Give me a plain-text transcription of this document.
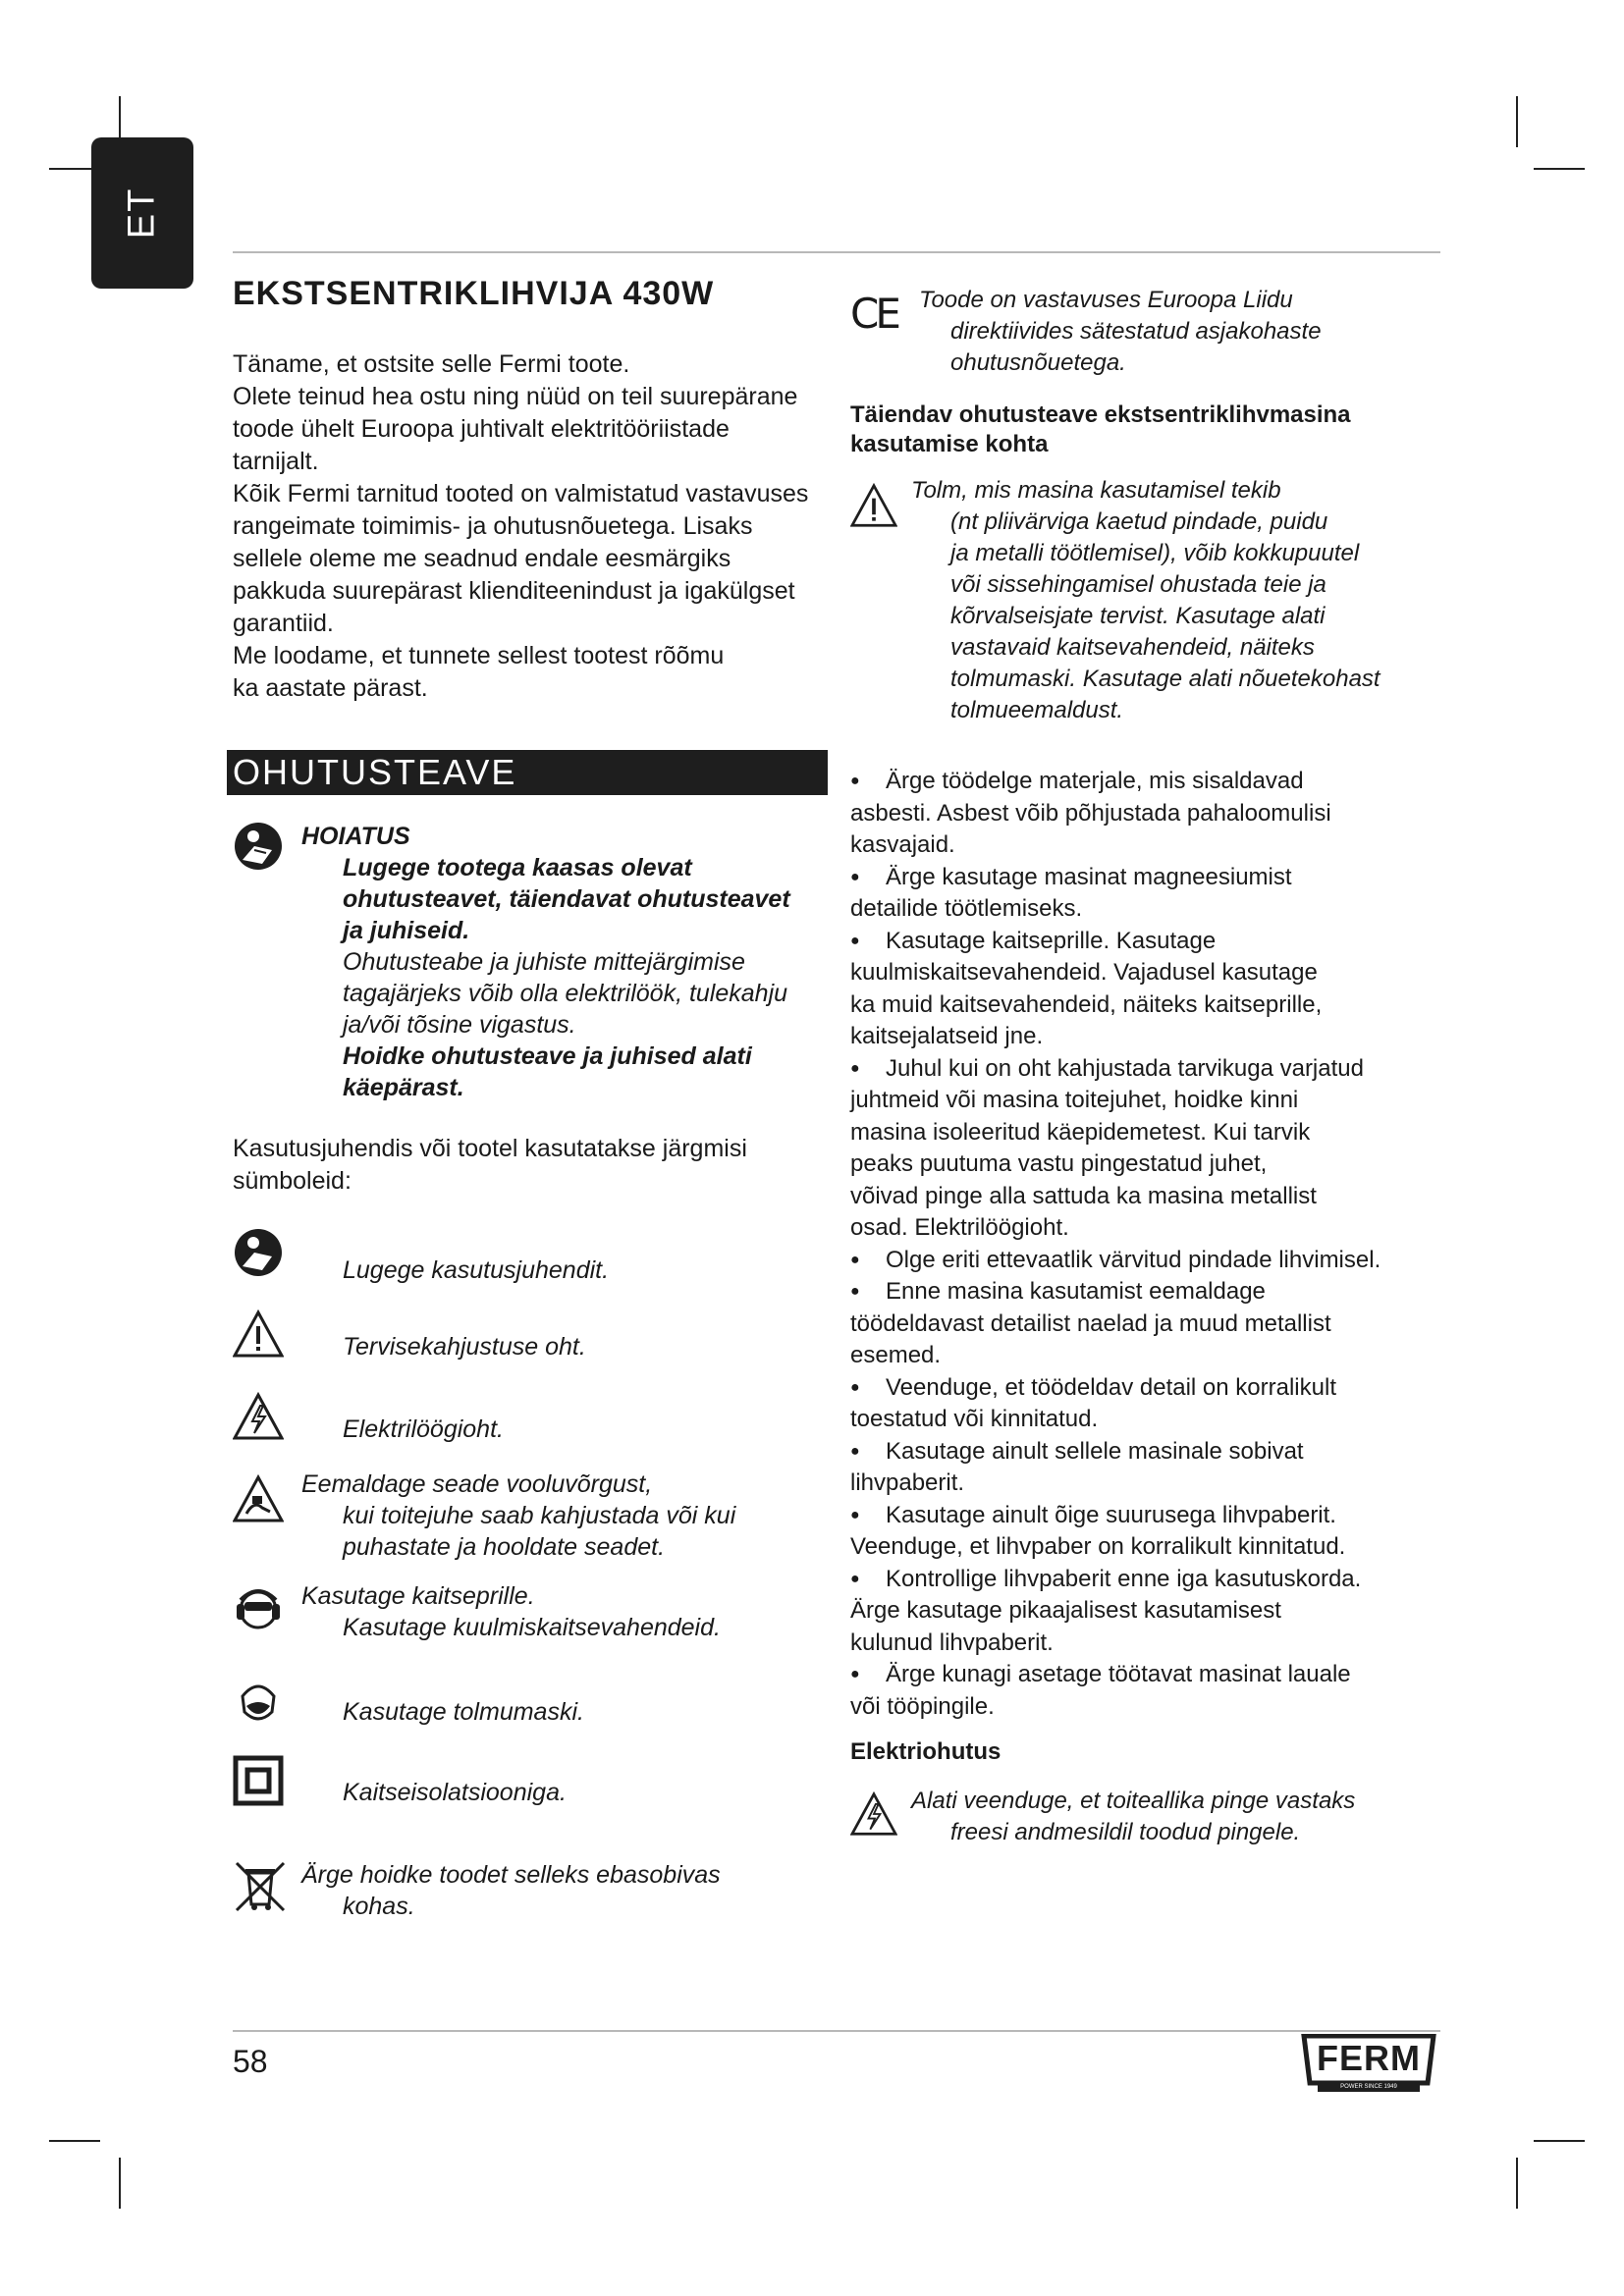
ET
EKSTSENTRIKLIHVIJA 430W

Täname, et ostsite selle Fermi toote.

Olete teinud hea ostu ning nüüd on teil suurepärane

toode ühelt Euroopa juhtivalt elektritööriistade

tarnijalt.

Kõik Fermi tarnitud tooted on valmistatud vastavuses

rangeimate toimimis- ja ohutusnõuetega. Lisaks

sellele oleme me seadnud endale eesmärgiks

pakkuda suurepärast klienditeenindust ja igakülgset

garantiid.

Me loodame, et tunnete sellest tootest rõõmu

ka aastate pärast.

OHUTUSTEAVE
HOIATUS
Lugege tootega kaasas olevat
ohutusteavet, täiendavat ohutusteavet
ja juhiseid.
Ohutusteabe ja juhiste mittejärgimise
tagajärjeks võib olla elektrilöök, tulekahju
ja/või tõsine vigastus.
Hoidke ohutusteave ja juhised alati
käepärast.
Kasutusjuhendis või tootel kasutatakse järgmisi
sümboleid:
Lugege kasutusjuhendit.
Tervisekahjustuse oht.
Elektrilöögioht.
Eemaldage seade vooluvõrgust,
kui toitejuhe saab kahjustada või kui
puhastate ja hooldate seadet.
Kasutage kaitseprille.
Kasutage kuulmiskaitsevahendeid.
Kasutage tolmumaski.
Kaitseisolatsiooniga.
Ärge hoidke toodet selleks ebasobivas
kohas.
CE Toode on vastavuses Euroopa Liidu
direktiivides sätestatud asjakohaste
ohutusnõuetega.
Täiendav ohutusteave ekstsentriklihvmasina
kasutamise kohta
Tolm, mis masina kasutamisel tekib
(nt pliivärviga kaetud pindade, puidu
ja metalli töötlemisel), võib kokkupuutel
või sissehingamisel ohustada teie ja
kõrvalseisjate tervist. Kasutage alati
vastavaid kaitsevahendeid, näiteks
tolmumaski. Kasutage alati nõuetekohast
tolmueemaldust.
● Ärge töödelge materjale, mis sisaldavad
asbesti. Asbest võib põhjustada pahaloomulisi
kasvajaid.
● Ärge kasutage masinat magneesiumist
detailide töötlemiseks.
● Kasutage kaitseprille. Kasutage
kuulmiskaitsevahendeid. Vajadusel kasutage
ka muid kaitsevahendeid, näiteks kaitseprille,
kaitsejalatseid jne.
● Juhul kui on oht kahjustada tarvikuga varjatud
juhtmeid või masina toitejuhet, hoidke kinni
masina isoleeritud käepidemetest. Kui tarvik
peaks puutuma vastu pingestatud juhet,
võivad pinge alla sattuda ka masina metallist
osad. Elektrilöögioht.
● Olge eriti ettevaatlik värvitud pindade lihvimisel.
● Enne masina kasutamist eemaldage
töödeldavast detailist naelad ja muud metallist
esemed.
● Veenduge, et töödeldav detail on korralikult
toestatud või kinnitatud.
● Kasutage ainult sellele masinale sobivat
lihvpaberit.
● Kasutage ainult õige suurusega lihvpaberit.
Veenduge, et lihvpaber on korralikult kinnitatud.
● Kontrollige lihvpaberit enne iga kasutuskorda.
Ärge kasutage pikaajalisest kasutamisest
kulunud lihvpaberit.
● Ärge kunagi asetage töötavat masinat lauale
või tööpingile.
Elektriohutus
Alati veenduge, et toiteallika pinge vastaks
freesi andmesildil toodud pingele.
58	FERM
POWER SINCE 1949
